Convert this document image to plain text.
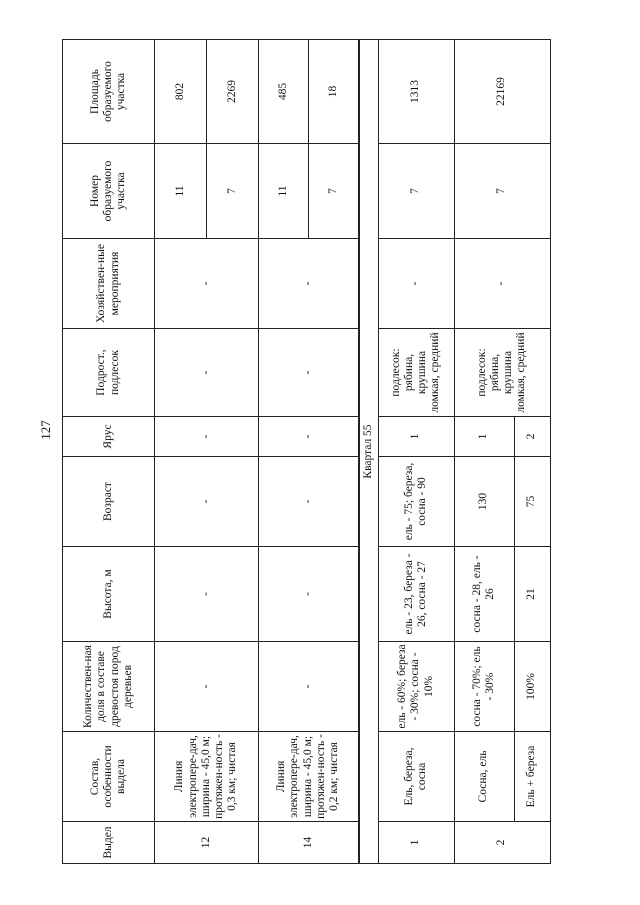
127
Выдел	Состав, особенности выдела	Количествен-ная доля в составе древостоя пород деревьев	Высота, м	Возраст	Ярус	Подрост., подлесок	Хозяйствен-ные мероприятия	Номер образуемого участка	Площадь образуемого участка
12	Линия электропере-дач, ширина - 45,0 м; протяжен-ность - 0,3 км; чистая	-	-	-	-	-	-	11	802
								7	2269
14	Линия электропере-дач, ширина - 45,0 м; протяжен-ность - 0,2 км; чистая	-	-	-	-	-	-	11	485
								7	18
Квартал 55									
1	Ель, береза, сосна	ель - 60%; береза - 30%; сосна - 10%	ель - 23, береза - 26, сосна - 27	ель - 75; береза, сосна - 90	1	подлесок: рябина, крушина ломкая, средний	-	7	1313
2	Сосна, ель	сосна - 70%; ель - 30%	сосна - 28, ель - 26	130	1	подлесок: рябина, крушина ломкая, средний	-	7	22169
	Ель + береза	100%	21	75	2				
